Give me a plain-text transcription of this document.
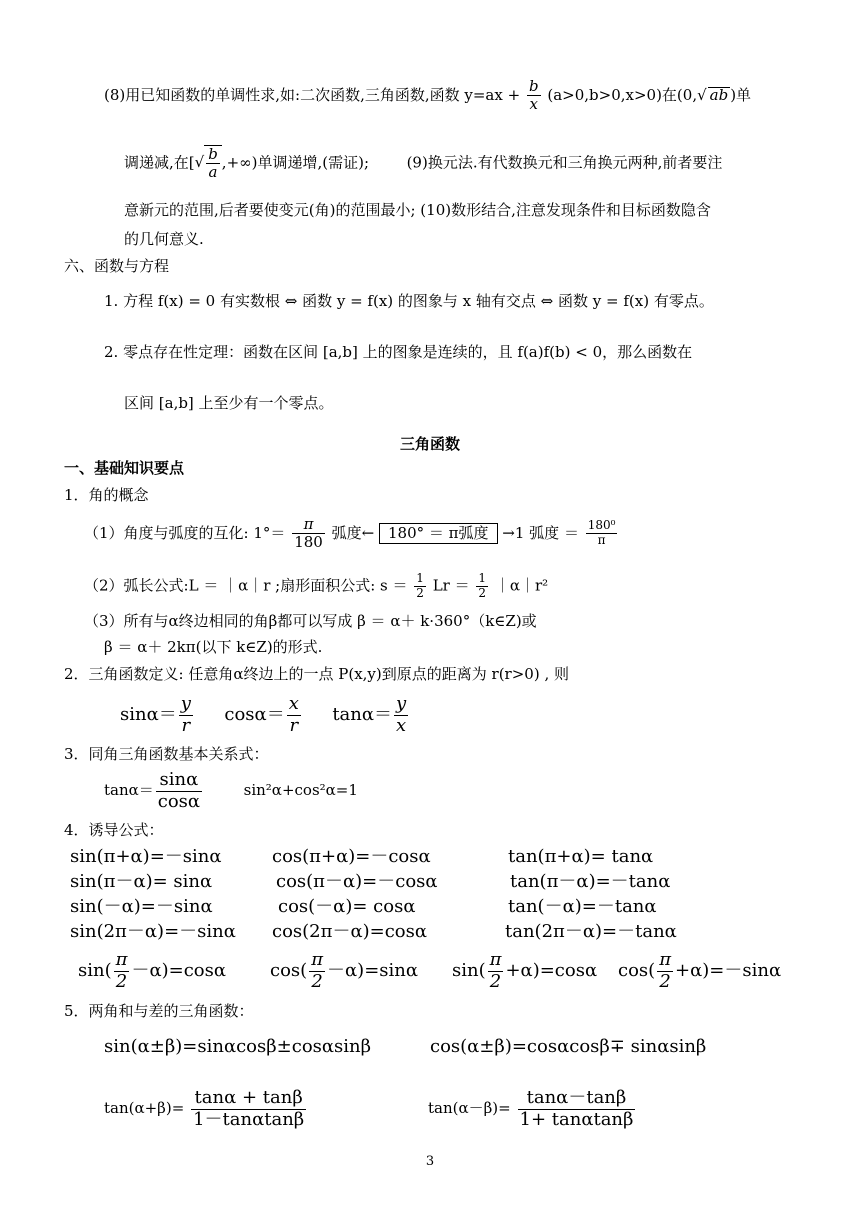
(8)用已知函数的单调性求,如:二次函数,三角函数,函数 $y=ax + \frac{b}{x} (a>0,b>0,x>0)$在(0,√ ab )单
调递减,在[√ $\frac{b}{a}$ ,+∞)单调递增,(需证);	(9)换元法.有代数换元和三角换元两种,前者要注
意新元的范围,后者要使变元(角)的范围最小; (10)数形结合,注意发现条件和目标函数隐含
的几何意义.
六、函数与方程
1. 方程 f(x) = 0 有实数根 ⇔ 函数 y = f(x) 的图象与 x 轴有交点 ⇔ 函数 y = f(x) 有零点。
2. 零点存在性定理：函数在区间 [a,b] 上的图象是连续的，且 f(a)f(b) < 0，那么函数在
区间 [a,b] 上至少有一个零点。
三角函数
一、基础知识要点
1．角的概念
（1）角度与弧度的互化: $1^\circ= \frac{\pi}{180}$ 弧度← 180° ＝ π弧度 →1 弧度 ＝ $\frac{\text{180⁰}}{\pi}$
（2）弧长公式:L ＝ ｜α｜r ;扇形面积公式: $s = \frac{1}{2}$ $Lr = \frac{1}{2}$ ｜α｜r²
（3）所有与α终边相同的角β都可以写成 β ＝ α＋ k·360°（k∈Z)或
β ＝ α＋ 2kπ(以下 k∈Z)的形式.
2．三角函数定义: 任意角α终边上的一点 P(x,y)到原点的距离为 r(r>0) , 则
$\sin\alpha= \frac{y}{r} \cos\alpha= \frac{x}{r} \tan\alpha= \frac{y}{x}$
3．同角三角函数基本关系式：
$\tan\alpha= \frac{\sin\alpha}{\cos\alpha}$	sin²α+cos²α=1
4．诱导公式：
sin(π+α)=－sinα	cos(π+α)=－cosα	tan(π+α)= tanα
sin(π－α)= sinα	cos(π－α)=－cosα	tan(π－α)=－tanα
sin(－α)=－sinα	cos(－α)= cosα	tan(－α)=－tanα
sin(2π－α)=－sinα cos(2π－α)=cosα	tan(2π－α)=－tanα
$\sin( \frac{\pi}{2} -\alpha)=\cos\alpha$ $\cos( \frac{\pi}{2} -\alpha)=\sin\alpha$ $\sin( \frac{\pi}{2} +\alpha)=\cos\alpha$ $\cos( \frac{\pi}{2} +\alpha)=-\sin\alpha$
5．两角和与差的三角函数：
sin(α±β)=sinαcosβ±cosαsinβ	cos(α±β)=cosαcosβ∓ sinαsinβ
$\tan(\alpha+\beta)= \frac{\tan\alpha + \tan\beta}{1-\tan\alpha\tan\beta}$	$\tan(\alpha-\beta)= \frac{\tan\alpha-\tan\beta}{1+ \tan\alpha\tan\beta}$
3
